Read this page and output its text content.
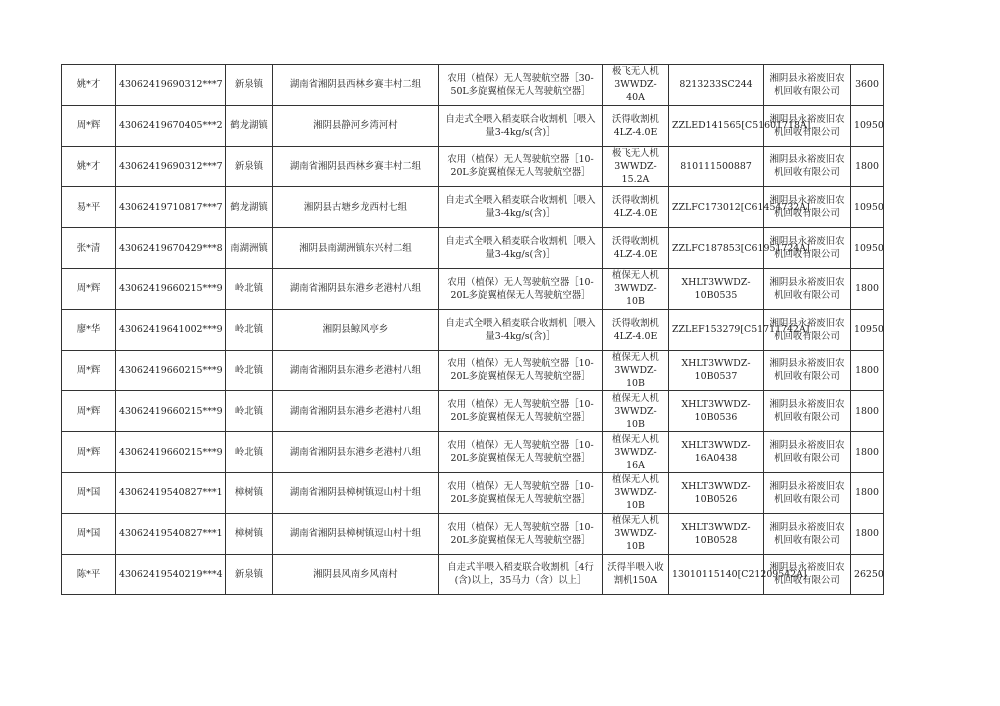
姚*才	43062419690312***7	新泉镇	湖南省湘阴县西林乡赛丰村二组	农用（植保）无人驾驶航空器［30-50L多旋翼植保无人驾驶航空器］	极飞无人机3WWDZ-40A	8213233SC244	湘阴县永裕废旧农机回收有限公司	3600
周*辉	43062419670405***2	鹤龙湖镇	湘阴县静河乡湾河村	自走式全喂入稻麦联合收割机［喂入量3-4kg/s(含)］	沃得收割机4LZ-4.0E	ZZLED141565[C51601718A]	湘阴县永裕废旧农机回收有限公司	10950
姚*才	43062419690312***7	新泉镇	湖南省湘阴县西林乡赛丰村二组	农用（植保）无人驾驶航空器［10-20L多旋翼植保无人驾驶航空器］	极飞无人机3WWDZ-15.2A	810111500887	湘阴县永裕废旧农机回收有限公司	1800
易*平	43062419710817***7	鹤龙湖镇	湘阴县古塘乡龙西村七组	自走式全喂入稻麦联合收割机［喂入量3-4kg/s(含)］	沃得收割机4LZ-4.0E	ZZLFC173012[C61454732A]	湘阴县永裕废旧农机回收有限公司	10950
张*清	43062419670429***8	南湖洲镇	湘阴县南湖洲镇东兴村二组	自走式全喂入稻麦联合收割机［喂入量3-4kg/s(含)］	沃得收割机4LZ-4.0E	ZZLFC187853[C61951724A]	湘阴县永裕废旧农机回收有限公司	10950
周*辉	43062419660215***9	岭北镇	湖南省湘阴县东港乡老港村八组	农用（植保）无人驾驶航空器［10-20L多旋翼植保无人驾驶航空器］	植保无人机3WWDZ-10B	XHLT3WWDZ-10B0535	湘阴县永裕废旧农机回收有限公司	1800
廖*华	43062419641002***9	岭北镇	湘阴县鲸风亭乡	自走式全喂入稻麦联合收割机［喂入量3-4kg/s(含)］	沃得收割机4LZ-4.0E	ZZLEF153279[C51711742A]	湘阴县永裕废旧农机回收有限公司	10950
周*辉	43062419660215***9	岭北镇	湖南省湘阴县东港乡老港村八组	农用（植保）无人驾驶航空器［10-20L多旋翼植保无人驾驶航空器］	植保无人机3WWDZ-10B	XHLT3WWDZ-10B0537	湘阴县永裕废旧农机回收有限公司	1800
周*辉	43062419660215***9	岭北镇	湖南省湘阴县东港乡老港村八组	农用（植保）无人驾驶航空器［10-20L多旋翼植保无人驾驶航空器］	植保无人机3WWDZ-10B	XHLT3WWDZ-10B0536	湘阴县永裕废旧农机回收有限公司	1800
周*辉	43062419660215***9	岭北镇	湖南省湘阴县东港乡老港村八组	农用（植保）无人驾驶航空器［10-20L多旋翼植保无人驾驶航空器］	植保无人机3WWDZ-16A	XHLT3WWDZ-16A0438	湘阴县永裕废旧农机回收有限公司	1800
周*国	43062419540827***1	樟树镇	湖南省湘阴县樟树镇逗山村十组	农用（植保）无人驾驶航空器［10-20L多旋翼植保无人驾驶航空器］	植保无人机3WWDZ-10B	XHLT3WWDZ-10B0526	湘阴县永裕废旧农机回收有限公司	1800
周*国	43062419540827***1	樟树镇	湖南省湘阴县樟树镇逗山村十组	农用（植保）无人驾驶航空器［10-20L多旋翼植保无人驾驶航空器］	植保无人机3WWDZ-10B	XHLT3WWDZ-10B0528	湘阴县永裕废旧农机回收有限公司	1800
陈*平	43062419540219***4	新泉镇	湘阴县风南乡风南村	自走式半喂入稻麦联合收割机［4行(含)以上，35马力（含）以上］	沃得半喂入收割机150A	13010115140[C21209542A]	湘阴县永裕废旧农机回收有限公司	26250
